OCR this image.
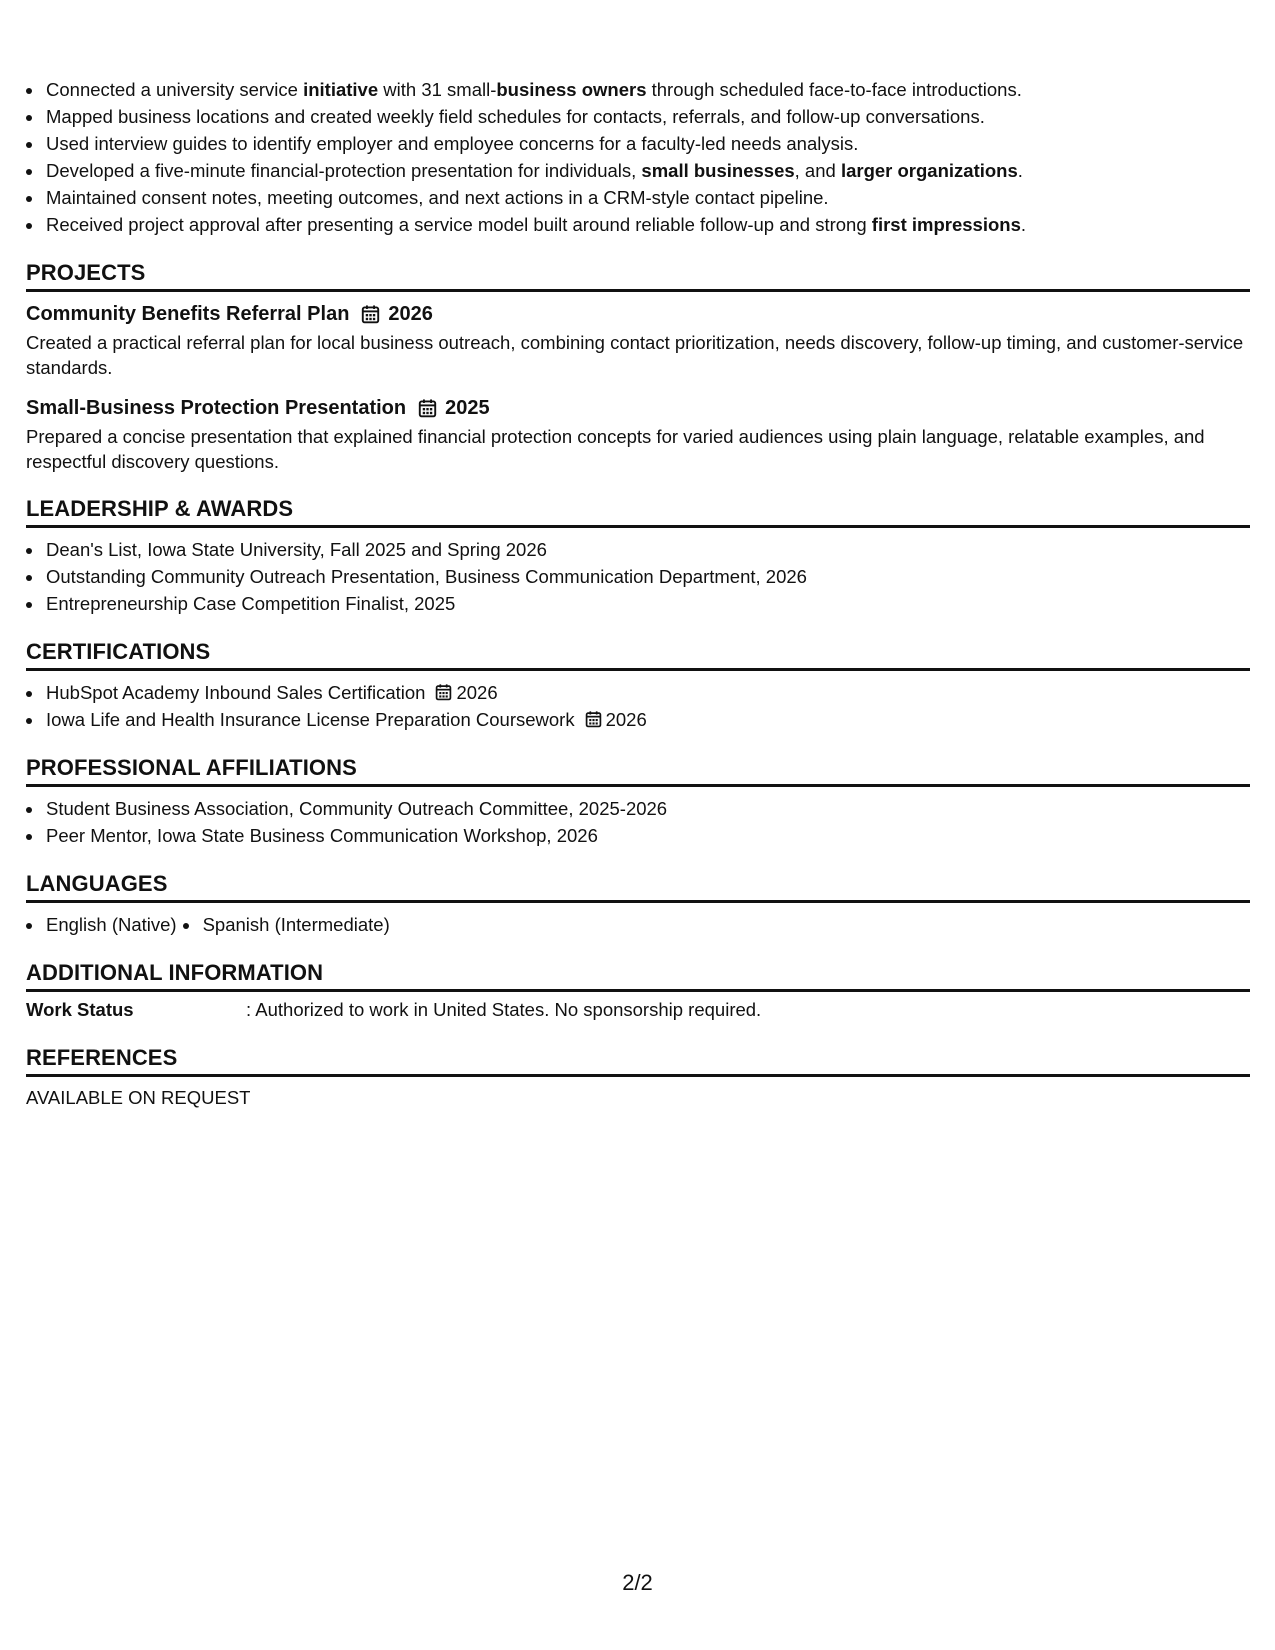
• Connected a university service initiative with 31 small-business owners through scheduled face-to-face introductions.
• Mapped business locations and created weekly field schedules for contacts, referrals, and follow-up conversations.
• Used interview guides to identify employer and employee concerns for a faculty-led needs analysis.
• Developed a five-minute financial-protection presentation for individuals, small businesses, and larger organizations.
• Maintained consent notes, meeting outcomes, and next actions in a CRM-style contact pipeline.
• Received project approval after presenting a service model built around reliable follow-up and strong first impressions.
PROJECTS
Community Benefits Referral Plan 2026

Created a practical referral plan for local business outreach, combining contact prioritization, needs discovery, follow-up timing, and customer-service standards.

Small-Business Protection Presentation 2025

Prepared a concise presentation that explained financial protection concepts for varied audiences using plain language, relatable examples, and respectful discovery questions.

LEADERSHIP & AWARDS
• Dean's List, Iowa State University, Fall 2025 and Spring 2026
• Outstanding Community Outreach Presentation, Business Communication Department, 2026
• Entrepreneurship Case Competition Finalist, 2025
CERTIFICATIONS
• HubSpot Academy Inbound Sales Certification 2026
• Iowa Life and Health Insurance License Preparation Coursework 2026
PROFESSIONAL AFFILIATIONS
• Student Business Association, Community Outreach Committee, 2025-2026
• Peer Mentor, Iowa State Business Communication Workshop, 2026
LANGUAGES
• English (Native)
• Spanish (Intermediate)
ADDITIONAL INFORMATION
Work Status	: Authorized to work in United States. No sponsorship required.
REFERENCES
AVAILABLE ON REQUEST
2/2
